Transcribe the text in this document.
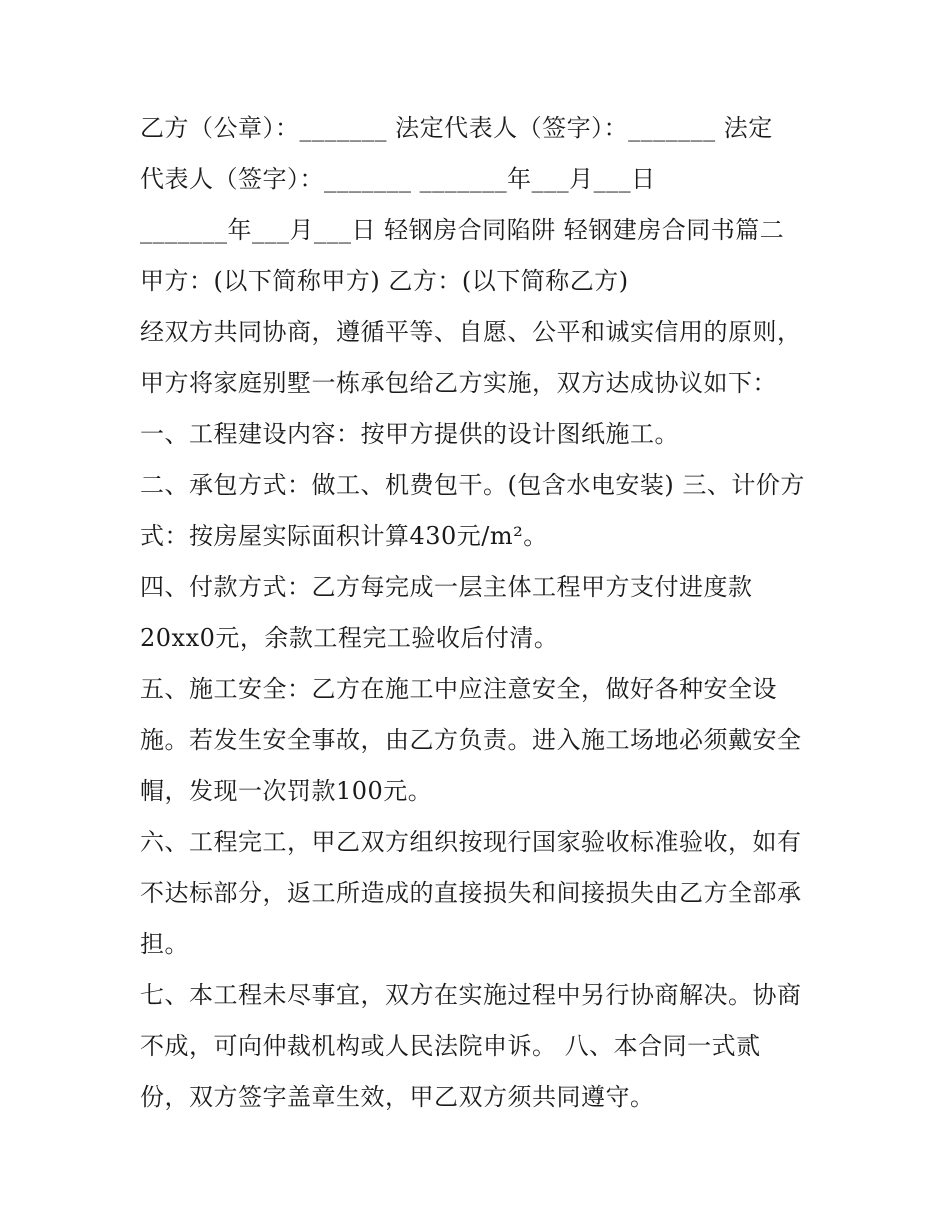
乙方（公章）：_______ 法定代表人（签字）：_______ 法定
代表人（签字）：_______ _______年___月___日
_______年___月___日 轻钢房合同陷阱 轻钢建房合同书篇二
甲方：(以下简称甲方) 乙方：(以下简称乙方)
经双方共同协商，遵循平等、自愿、公平和诚实信用的原则，
甲方将家庭别墅一栋承包给乙方实施，双方达成协议如下：
一、工程建设内容：按甲方提供的设计图纸施工。
二、承包方式：做工、机费包干。(包含水电安装) 三、计价方
式：按房屋实际面积计算430元/m²。
四、付款方式：乙方每完成一层主体工程甲方支付进度款
20xx0元，余款工程完工验收后付清。
五、施工安全：乙方在施工中应注意安全，做好各种安全设
施。若发生安全事故，由乙方负责。进入施工场地必须戴安全
帽，发现一次罚款100元。
六、工程完工，甲乙双方组织按现行国家验收标准验收，如有
不达标部分，返工所造成的直接损失和间接损失由乙方全部承
担。
七、本工程未尽事宜，双方在实施过程中另行协商解决。协商
不成，可向仲裁机构或人民法院申诉。 八、本合同一式贰
份，双方签字盖章生效，甲乙双方须共同遵守。
